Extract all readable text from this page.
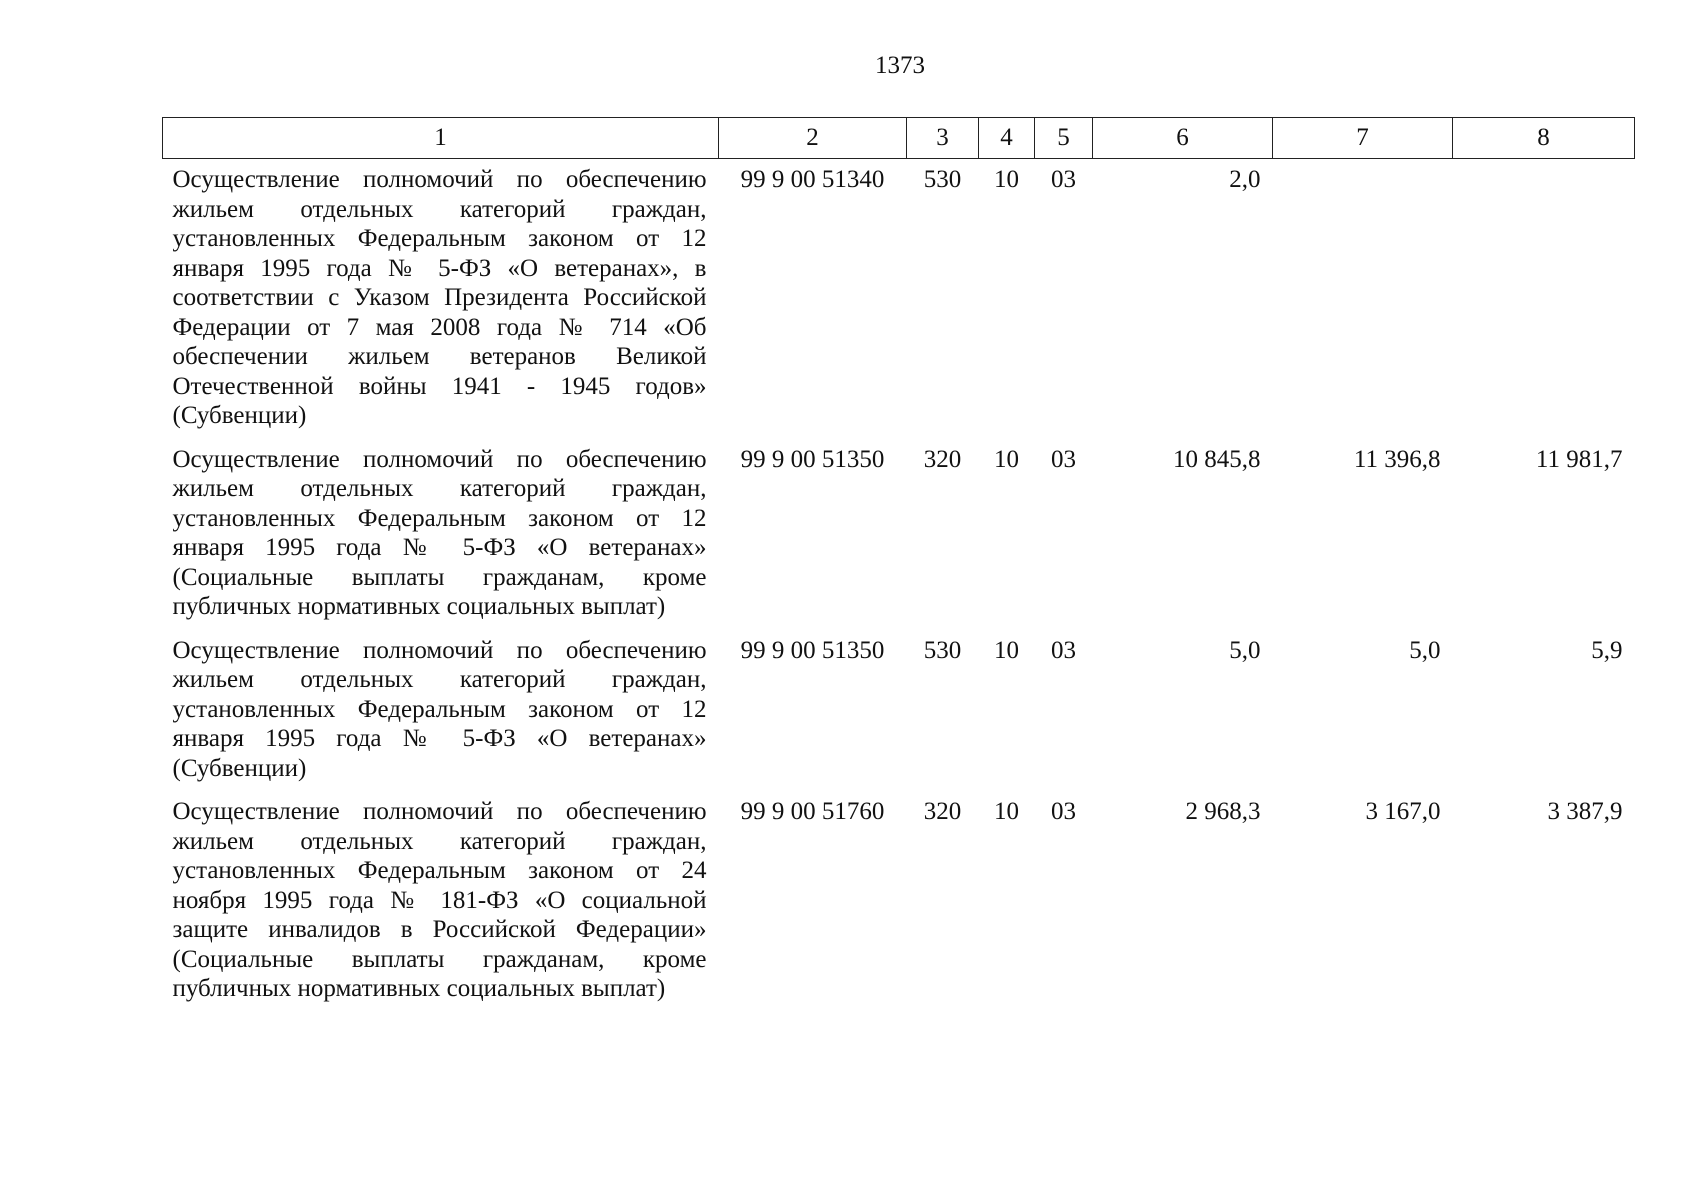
1373
1	2	3	4	5	6	7	8
Осуществление полномочий по обеспечению жильем отдельных категорий граждан, установленных Федеральным законом от 12 января 1995 года № 5-ФЗ «О ветеранах», в соответствии с Указом Президента Российской Федерации от 7 мая 2008 года № 714 «Об обеспечении жильем ветеранов Великой Отечественной войны 1941 - 1945 годов» (Субвенции)	99 9 00 51340	530	10	03	2,0		
Осуществление полномочий по обеспечению жильем отдельных категорий граждан, установленных Федеральным законом от 12 января 1995 года № 5-ФЗ «О ветеранах» (Социальные выплаты гражданам, кроме публичных нормативных социальных выплат)	99 9 00 51350	320	10	03	10 845,8	11 396,8	11 981,7
Осуществление полномочий по обеспечению жильем отдельных категорий граждан, установленных Федеральным законом от 12 января 1995 года № 5-ФЗ «О ветеранах» (Субвенции)	99 9 00 51350	530	10	03	5,0	5,0	5,9
Осуществление полномочий по обеспечению жильем отдельных категорий граждан, установленных Федеральным законом от 24 ноября 1995 года № 181-ФЗ «О социальной защите инвалидов в Российской Федерации» (Социальные выплаты гражданам, кроме публичных нормативных социальных выплат)	99 9 00 51760	320	10	03	2 968,3	3 167,0	3 387,9
